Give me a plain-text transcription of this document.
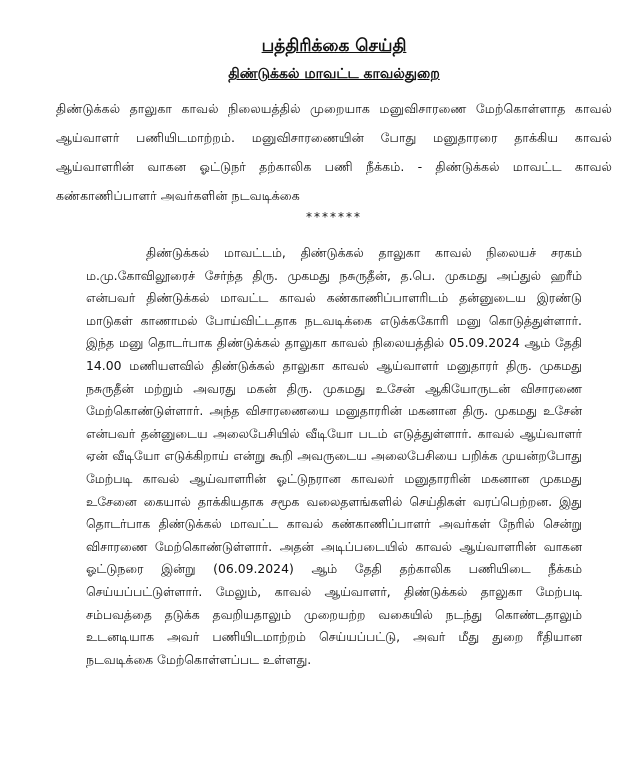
பத்திரிக்கை செய்தி
திண்டுக்கல் மாவட்ட காவல்துறை

திண்டுக்கல் தாலுகா காவல் நிலையத்தில் முறையாக மனுவிசாரணை மேற்கொள்ளாத காவல் ஆய்வாளர் பணியிடமாற்றம். மனுவிசாரணையின் போது மனுதாரரை தாக்கிய காவல் ஆய்வாளரின் வாகன ஓட்டுநர் தற்காலிக பணி நீக்கம். - திண்டுக்கல் மாவட்ட காவல் கண்காணிப்பாளர் அவர்களின் நடவடிக்கை

*******

திண்டுக்கல் மாவட்டம், திண்டுக்கல் தாலுகா காவல் நிலையச் சரகம் ம.மு.கோவிலூரைச் சேர்ந்த திரு. முகமது நசுருதீன், த.பெ. முகமது அப்துல் ஹரீம் என்பவர் திண்டுக்கல் மாவட்ட காவல் கண்காணிப்பாளரிடம் தன்னுடைய இரண்டு மாடுகள் காணாமல் போய்விட்டதாக நடவடிக்கை எடுக்ககோரி மனு கொடுத்துள்ளார். இந்த மனு தொடர்பாக திண்டுக்கல் தாலுகா காவல் நிலையத்தில் 05.09.2024 ஆம் தேதி 14.00 மணியளவில் திண்டுக்கல் தாலுகா காவல் ஆய்வாளர் மனுதாரர் திரு. முகமது நசுருதீன் மற்றும் அவரது மகன் திரு. முகமது உசேன் ஆகியோருடன் விசாரணை மேற்கொண்டுள்ளார். அந்த விசாரணையை மனுதாரரின் மகனான திரு. முகமது உசேன் என்பவர் தன்னுடைய அலைபேசியில் வீடியோ படம் எடுத்துள்ளார். காவல் ஆய்வாளர் ஏன் வீடியோ எடுக்கிறாய் என்று கூறி அவருடைய அலைபேசியை பறிக்க முயன்றபோது மேற்படி காவல் ஆய்வாளரின் ஓட்டுநரான காவலர் மனுதாரரின் மகனான முகமது உசேனை கையால் தாக்கியதாக சமூக வலைதளங்களில் செய்திகள் வரப்பெற்றன. இது தொடர்பாக திண்டுக்கல் மாவட்ட காவல் கண்காணிப்பாளர் அவர்கள் நேரில் சென்று விசாரணை மேற்கொண்டுள்ளார். அதன் அடிப்படையில் காவல் ஆய்வாளரின் வாகன ஓட்டுநரை இன்று (06.09.2024) ஆம் தேதி தற்காலிக பணியிடை நீக்கம் செய்யப்பட்டுள்ளார். மேலும், காவல் ஆய்வாளர், திண்டுக்கல் தாலுகா மேற்படி சம்பவத்தை தடுக்க தவறியதாலும் முறையற்ற வகையில் நடந்து கொண்டதாலும் உடனடியாக அவர் பணியிடமாற்றம் செய்யப்பட்டு, அவர் மீது துறை ரீதியான நடவடிக்கை மேற்கொள்ளப்பட உள்ளது.
